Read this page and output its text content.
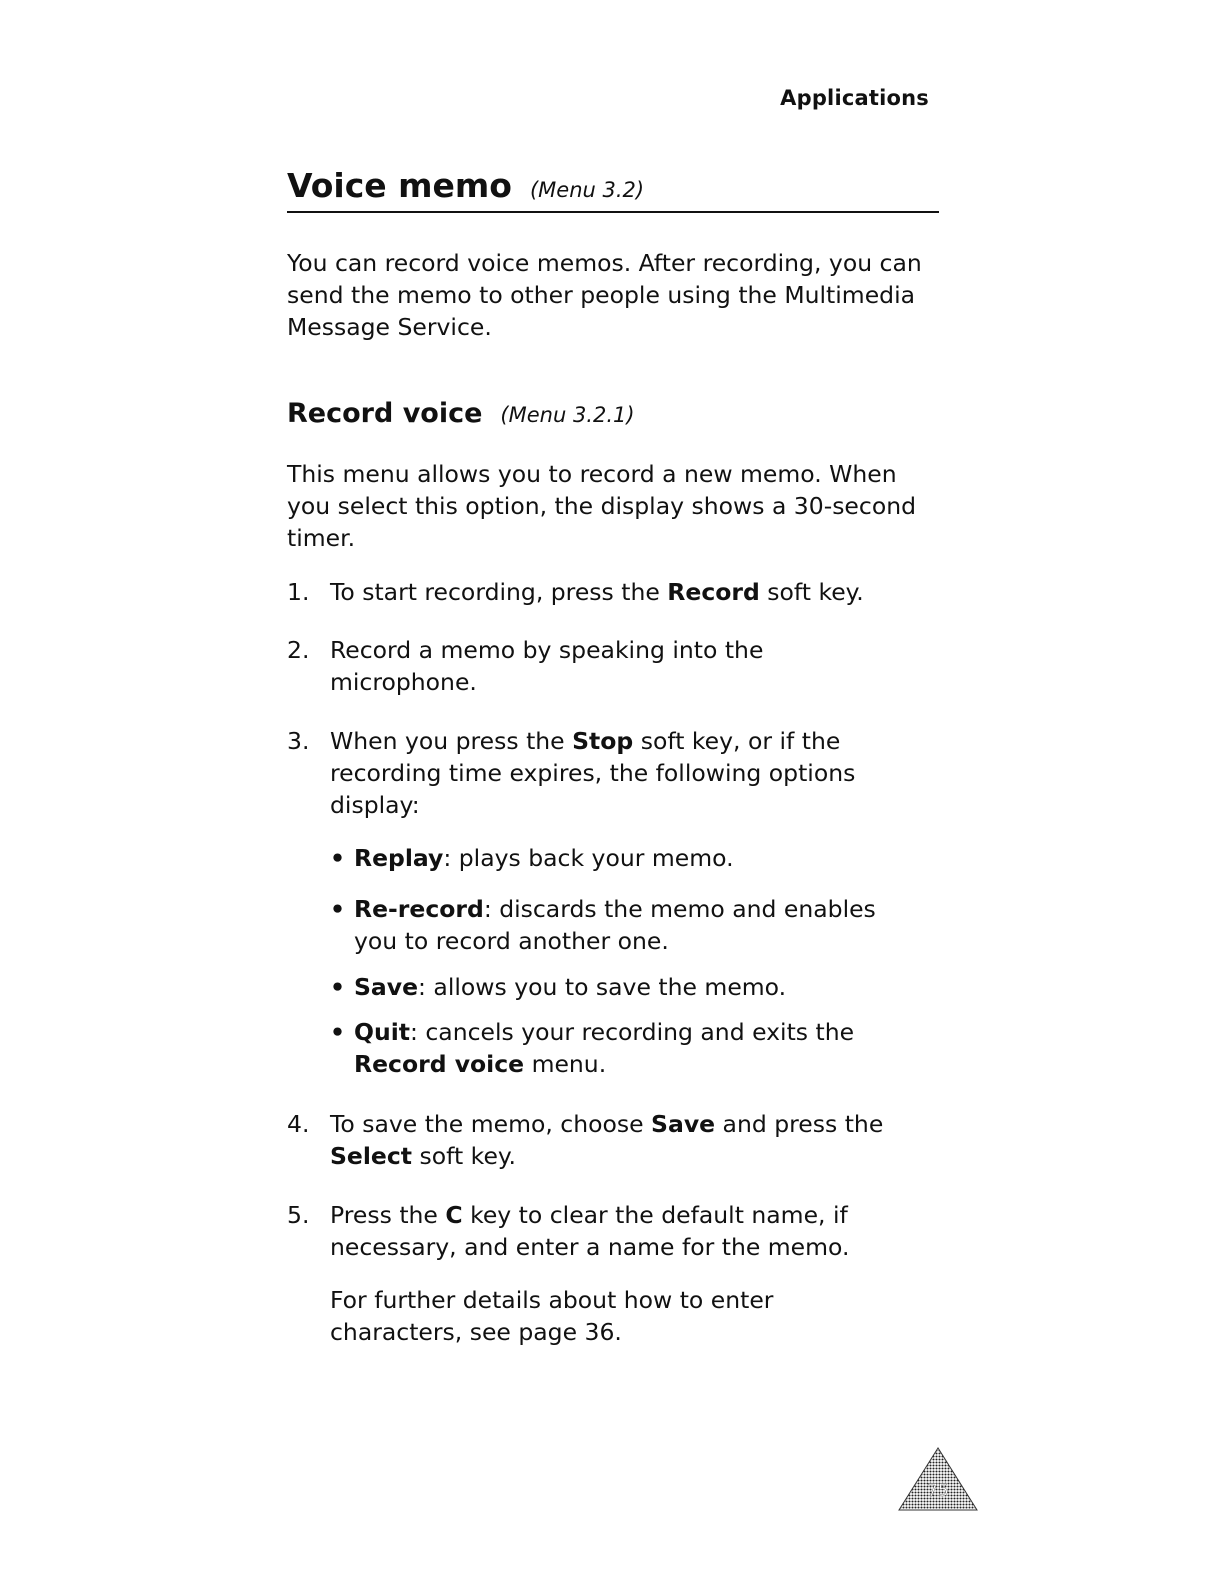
Applications
Voice memo (Menu 3.2)

You can record voice memos. After recording, you can send the memo to other people using the Multimedia Message Service.

Record voice (Menu 3.2.1)

This menu allows you to record a new memo. When you select this option, the display shows a 30-second timer.

1. To start recording, press the Record soft key.
2. Record a memo by speaking into the microphone.
3. When you press the Stop soft key, or if the recording time expires, the following options display:
• Replay: plays back your memo.
• Re-record: discards the memo and enables you to record another one.
• Save: allows you to save the memo.
• Quit: cancels your recording and exits the Record voice menu.
4. To save the memo, choose Save and press the Select soft key.
5. Press the C key to clear the default name, if necessary, and enter a name for the memo.
For further details about how to enter characters, see page 36.
75
